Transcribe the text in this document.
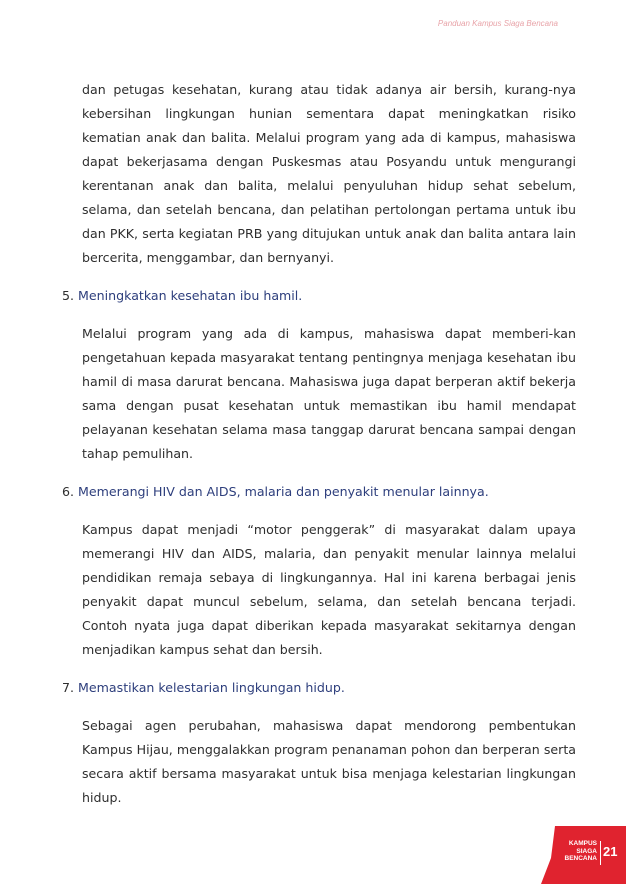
Panduan Kampus Siaga Bencana

dan petugas kesehatan, kurang atau tidak adanya air bersih, kurang-nya kebersihan lingkungan hunian sementara dapat meningkatkan risiko kematian anak dan balita. Melalui program yang ada di kampus, mahasiswa dapat bekerjasama dengan Puskesmas atau Posyandu untuk mengurangi kerentanan anak dan balita, melalui penyuluhan hidup sehat sebelum, selama, dan setelah bencana, dan pelatihan pertolongan pertama untuk ibu dan PKK, serta kegiatan PRB yang ditujukan untuk anak dan balita antara lain bercerita, menggambar, dan bernyanyi.

5. Meningkatkan kesehatan ibu hamil.

Melalui program yang ada di kampus, mahasiswa dapat memberi-kan pengetahuan kepada masyarakat tentang pentingnya menjaga kesehatan ibu hamil di masa darurat bencana. Mahasiswa juga dapat berperan aktif bekerja sama dengan pusat kesehatan untuk memastikan ibu hamil mendapat pelayanan kesehatan selama masa tanggap darurat bencana sampai dengan tahap pemulihan.

6. Memerangi HIV dan AIDS, malaria dan penyakit menular lainnya.

Kampus dapat menjadi “motor penggerak” di masyarakat dalam upaya memerangi HIV dan AIDS, malaria, dan penyakit menular lainnya melalui pendidikan remaja sebaya di lingkungannya. Hal ini karena berbagai jenis penyakit dapat muncul sebelum, selama, dan setelah bencana terjadi. Contoh nyata juga dapat diberikan kepada masyarakat sekitarnya dengan menjadikan kampus sehat dan bersih.

7. Memastikan kelestarian lingkungan hidup.

Sebagai agen perubahan, mahasiswa dapat mendorong pembentukan Kampus Hijau, menggalakkan program penanaman pohon dan berperan serta secara aktif bersama masyarakat untuk bisa menjaga kelestarian lingkungan hidup.

KAMPUS
SIAGA
BENCANA 21
